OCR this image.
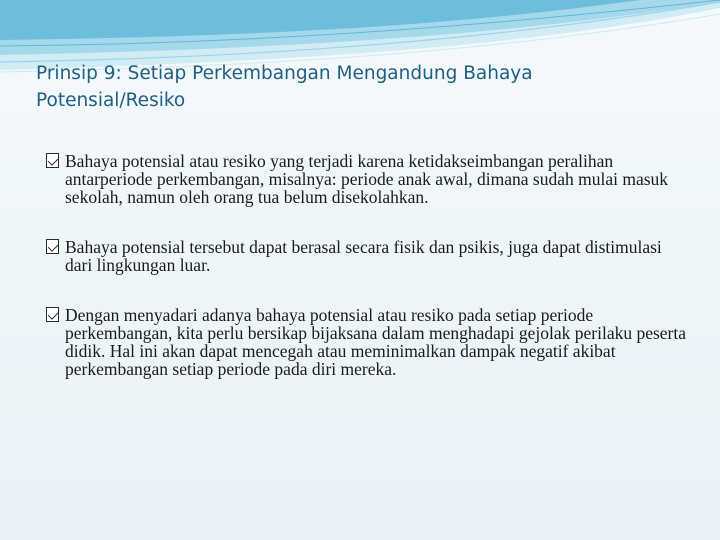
Prinsip 9: Setiap Perkembangan Mengandung Bahaya Potensial/Resiko
Bahaya potensial atau resiko yang terjadi karena ketidakseimbangan peralihan antarperiode perkembangan, misalnya: periode anak awal, dimana sudah mulai masuk sekolah, namun oleh orang tua belum disekolahkan.
Bahaya potensial tersebut dapat berasal secara fisik dan psikis, juga dapat distimulasi dari lingkungan luar.
Dengan menyadari adanya bahaya potensial atau resiko pada setiap periode perkembangan, kita perlu bersikap bijaksana dalam menghadapi gejolak perilaku peserta didik. Hal ini akan dapat mencegah atau meminimalkan dampak negatif akibat perkembangan setiap periode pada diri mereka.
